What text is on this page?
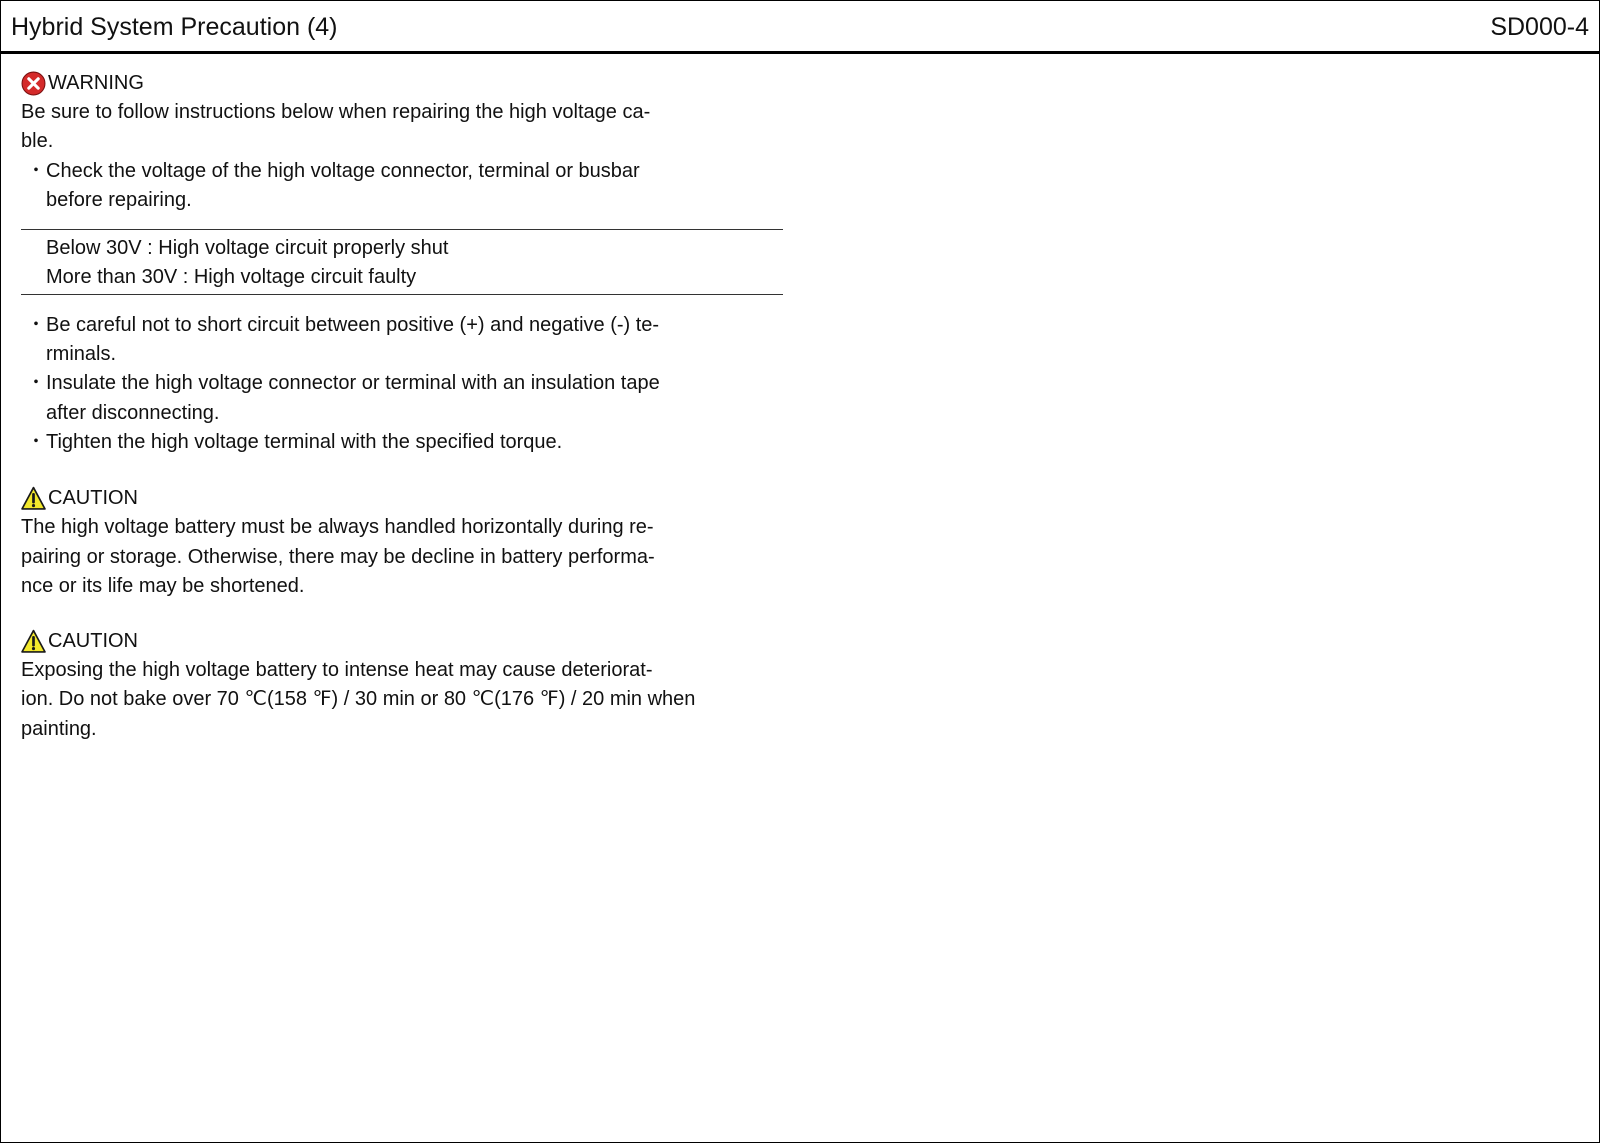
Hybrid System Precaution (4)	SD000-4
WARNING
Be sure to follow instructions below when repairing the high voltage ca-
ble.
・ Check the voltage of the high voltage connector, terminal or busbar
before repairing.
Below 30V : High voltage circuit properly shut
More than 30V : High voltage circuit faulty
・ Be careful not to short circuit between positive (+) and negative (-) te-
rminals.
・ Insulate the high voltage connector or terminal with an insulation tape
after disconnecting.
・ Tighten the high voltage terminal with the specified torque.
CAUTION
The high voltage battery must be always handled horizontally during re-
pairing or storage. Otherwise, there may be decline in battery performa-
nce or its life may be shortened.
CAUTION
Exposing the high voltage battery to intense heat may cause deteriorat-
ion. Do not bake over 70 ℃(158 ℉) / 30 min or 80 ℃(176 ℉) / 20 min when
painting.
